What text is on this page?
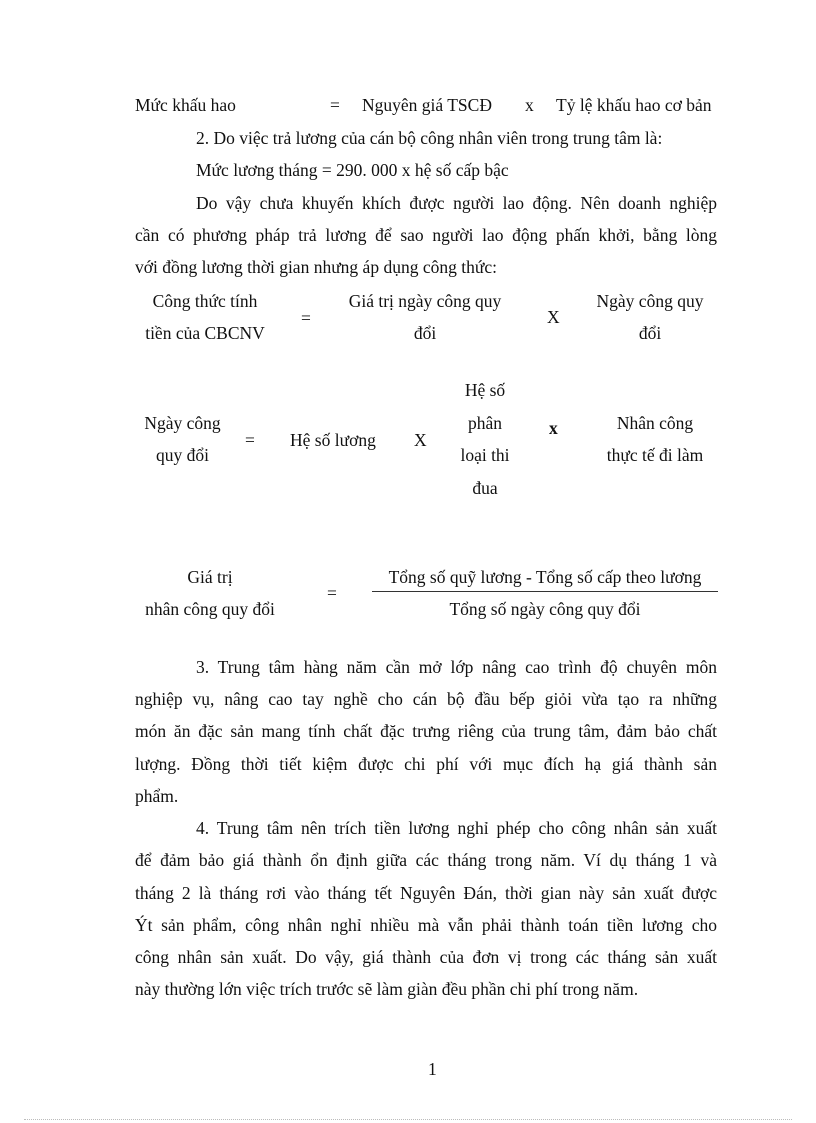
Mức khấu hao	= Nguyên giá TSCĐ x Tỷ lệ khấu hao cơ bản
2. Do việc trả lương của cán bộ công nhân viên trong trung tâm là:
Mức lương tháng = 290. 000 x hệ số cấp bậc
Do vậy chưa khuyến khích được người lao động. Nên doanh nghiệp
cần có phương pháp trả lương để sao người lao động phấn khởi, bằng lòng
với đồng lương thời gian nhưng áp dụng công thức:
Công thức tính
tiền của CBCNV
=
Giá trị ngày công quy
đổi
X
Ngày công quy
đổi
Ngày công
quy đổi
= Hệ số lương X
Hệ số
phân
loại thi
đua
x	Nhân công
thực tế đi làm
Giá trị
nhân công quy đổi
=
Tổng số quỹ lương - Tổng số cấp theo lương
Tổng số ngày công quy đổi
3. Trung tâm hàng năm cần mở lớp nâng cao trình độ chuyên môn
nghiệp vụ, nâng cao tay nghề cho cán bộ đầu bếp giỏi vừa tạo ra những
món ăn đặc sản mang tính chất đặc trưng riêng của trung tâm, đảm bảo chất
lượng. Đồng thời tiết kiệm được chi phí với mục đích hạ giá thành sản
phẩm.
4. Trung tâm nên trích tiền lương nghỉ phép cho công nhân sản xuất
để đảm bảo giá thành ổn định giữa các tháng trong năm. Ví dụ tháng 1 và
tháng 2 là tháng rơi vào tháng tết Nguyên Đán, thời gian này sản xuất được
Ýt sản phẩm, công nhân nghỉ nhiều mà vẫn phải thành toán tiền lương cho
công nhân sản xuất. Do vậy, giá thành của đơn vị trong các tháng sản xuất
này thường lớn việc trích trước sẽ làm giàn đều phần chi phí trong năm.
1
